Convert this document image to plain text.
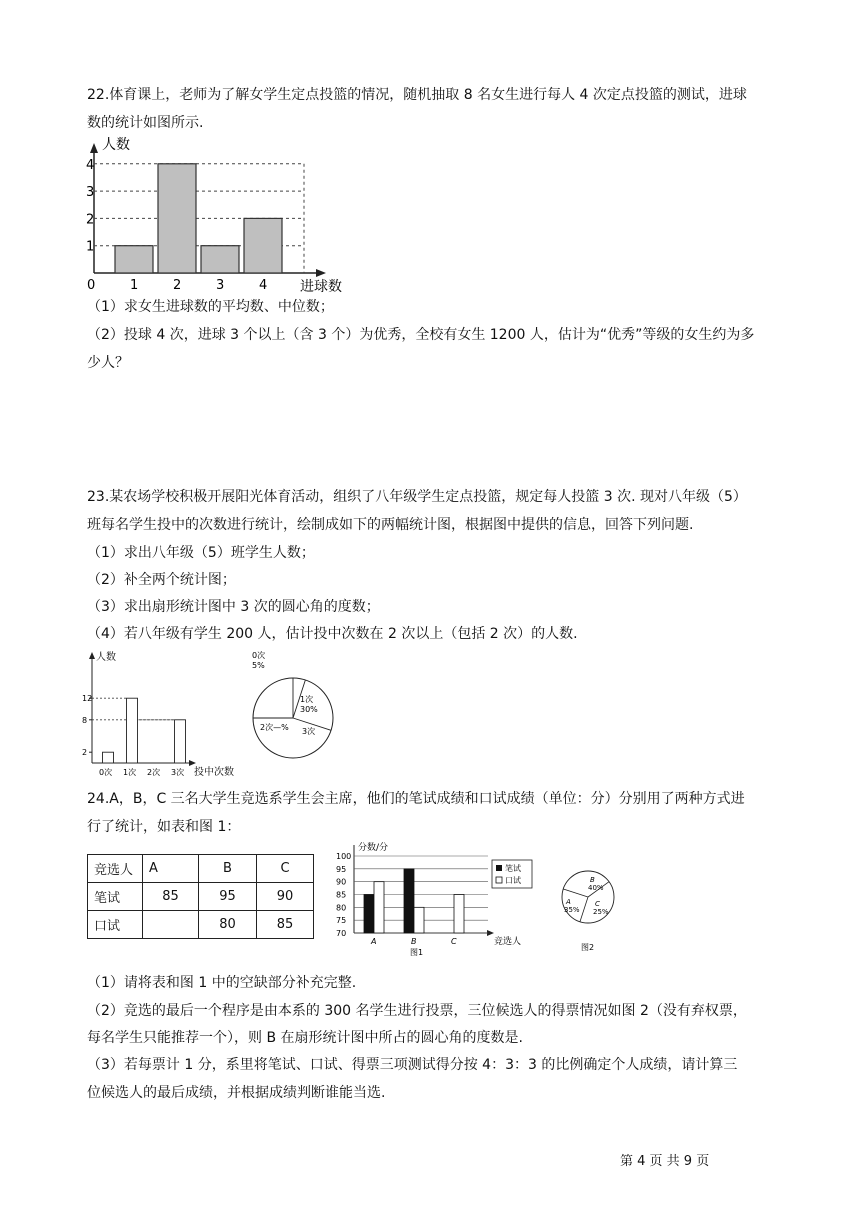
22.体育课上，老师为了解女学生定点投篮的情况，随机抽取 8 名女生进行每人 4 次定点投篮的测试，进球
数的统计如图所示.
人数
进球数
0
1
2
3
4
1	2	3	4
（1）求女生进球数的平均数、中位数；
（2）投球 4 次，进球 3 个以上（含 3 个）为优秀，全校有女生 1200 人，估计为“优秀”等级的女生约为多
少人？
23.某农场学校积极开展阳光体育活动，组织了八年级学生定点投篮，规定每人投篮 3 次. 现对八年级（5）
班每名学生投中的次数进行统计，绘制成如下的两幅统计图，根据图中提供的信息，回答下列问题.
（1）求出八年级（5）班学生人数；
（2）补全两个统计图；
（3）求出扇形统计图中 3 次的圆心角的度数；
（4）若八年级有学生 200 人，估计投中次数在 2 次以上（包括 2 次）的人数.
人数
投中次数
2
8
12
0次 1次 2次 3次
0次
5%
1次
30%
2次—% 3次
24.A，B，C 三名大学生竞选系学生会主席，他们的笔试成绩和口试成绩（单位：分）分别用了两种方式进
行了统计，如表和图 1：
竞选人	A	B	C
笔试	85	95	90
口试		80	85
分数/分
竞选人
图1
70
75
80
85
90
95
100
A	B	C
笔试
口试
A
35%
B
40%
C
25%
图2
（1）请将表和图 1 中的空缺部分补充完整.
（2）竞选的最后一个程序是由本系的 300 名学生进行投票，三位候选人的得票情况如图 2（没有弃权票，
每名学生只能推荐一个），则 B 在扇形统计图中所占的圆心角的度数是.
（3）若每票计 1 分，系里将笔试、口试、得票三项测试得分按 4：3：3 的比例确定个人成绩，请计算三
位候选人的最后成绩，并根据成绩判断谁能当选.
第 4 页 共 9 页
